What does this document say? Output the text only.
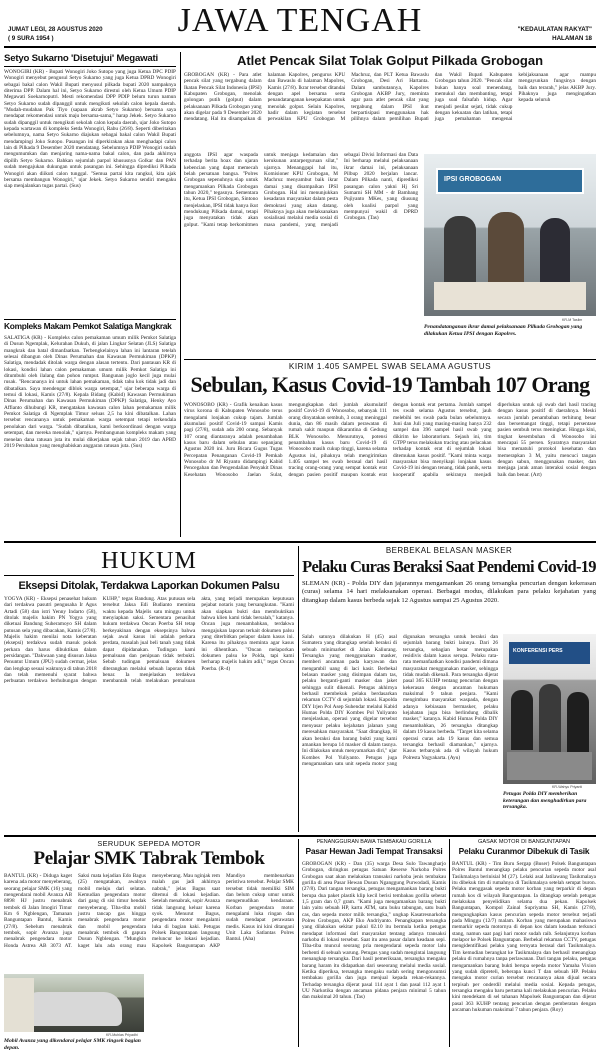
JAWA TENGAH
JUMAT LEGI, 28 AGUSTUS 2020
( 9 SURA 1954 )
"KEDAULATAN RAKYAT"
HALAMAN 18
Setyo Sukarno 'Disetujui' Megawati
WONOGIRI (KR) - Bupati Wonogiri Joko Sutopo yang juga Ketua DPC PDIP Wonogiri menyebut pengusul Setyo Sukarno yang juga Ketua DPRD Wonogiri sebagai bakal calon Wakil Bupati menyusul pilkada bupati 2020 nampaknya diterima DPP. Dalam hal ini, Setyo Sukarno direstui oleh Ketua Umum PDIP Megawati Soekarnoputri. Mesti rekomendasi DPP PDIP belum turun namun Setyo Sukarno sudah dipanggil untuk mengikuti sekolah calon kepala daerah. "Mudah-mudahan Pak Tiyo (sapaan akrab Setyo Sukarno) bersama saya mendapat rekomendasi untuk maju bersama-sama," harap Jekek. Setyo Sukarno sudah dipanggil untuk mengikuti sekolah calon kepala daerah, ujar Joko Sutopo kepada wartawan di kompleks Setda Wonogiri, Rabu (26/8). Seperti diberitakan sebelumnya, nama Setyo Sukarno diajukan sebagai bakal calon Wakil Bupati mendampingi Joko Sutopo. Pasangan ini diperkirakan akan menghadapi calon lain di Pilkada 9 Desember 2020 mendatang. Sebelumnya PDIP Wonogiri sudah mengumumkan dan menjaring nama-nama bakal calon, dan pada akhirnya dipilih Setyo Sukarno. Bahkan sejumlah parpol khususnya Golkar dan PAN sudah mengajukan dukungan untuk pasangan ini. Sehingga diprediksi Pilkada Wonogiri akan diikuti calon tunggal. "Semua partai kita rangkul, kita ajak bersama membangun Wonogiri," ujar Jekek. Setyo Sukarno sendiri mengaku siap menjalankan tugas partai. (Sus)
Kompleks Makam Pemkot Salatiga Mangkrak
SALATIGA (KR) - Kompleks calon pemakaman umum milik Pemkot Salatiga di Dusun Ngemplak, Kelurahan Dukuh, di jalan Lingkar Selatan (JLS) Salatiga mangkrak dan batal dimanfaatkan. Terbengkelainya lahan ini lantaran tetelah selesai dibangun oleh Dinas Perumahan dan Kawasan Permukiman (DPKP) Salatiga, mendadak ditolak warga dengan alasan tertentu. Dari pantauan KR di lokasi, kondisi lahan calon pemakaman umum milik Pemkot Salatiga ini ditumbuhi oleh ilalang dan pohon rumput. Bangunan joglo kecil juga mulai rusak. "Rencananya ini untuk lahan pemakaman, tidak tahu kok tidak jadi dan dibatalkan. Saya mendengar diblok warga setempat," ujar beberapa warga di temui di lokasi, Kamis (27/8). Kepala Bidang (Kabid) Kawasan Permukiman Dinas Perumahan dan Kawasan Permukiman (DPKP) Salatiga, Henky Ayo Affianto dihubungi KR, mengatakan kawasan calon lahan pemakaman milik Pemkot Salatiga di Ngemplak Timur seluas 2,5 ha kini dibatalkan. Lahan tersebut rencananya untuk pemakaman warga setempat tetapi terkendala penolakan dari warga. "Sudah dibatalkan, kami berkoordinasi dengan warga setempat, dan mereka menolak," ujarnya. Pembangunan kompleks makam yang menelan dana ratusan juta itu mulai dikerjakan sejak tahun 2019 dan APBD 2019 Perubahan yang menghabiskan anggaran ratusan juta. (Sus)
Atlet Pencak Silat Tolak Golput Pilkada Grobogan
GROBOGAN (KR) - Para atlet pencak silat yang tergabung dalam Ikatan Pencak Silat Indonesia (IPSI) Kabupaten Grobogan, menolak golongan putih (golput) dalam pelaksanaan Pilkada Grobogan yang akan digelar pada 9 Desember 2020 mendatang. Hal itu disampaikan di halaman Kapolres, pengurus KPU dan Bawaslu di halaman Mapolres, Kamis (27/8). Ikrar tersebut ditandai dengan apel bersama serta penandatanganan kesepakatan untuk menolak golput. Selain Kapolres, hadir dalam kegiatan tersebut perwakilan KPU Grobogan M Machruz, dan PLT Ketua Bawaslu Grobogan, Desi Ari Hartanta. Dalam sambutannya, Kapolres Grobogan AKBP Jury, meminta agar para atlet pencak silat yang tergabung dalam IPSI ikut berpartisipasi menggunakan hak pilihnya dalam pemilihan Bupati dan Wakil Bupati Kabupaten Grobogan tahun 2020. "Pencak silat bukan hanya soal menendang, memukul dan membanting, tetapi juga soal falsafah hidup. Agar menjadi pesilat sejati, tidak cukup dengan kekuatan dan latihan, tetapi juga pemahaman mengenai kebijaksanaan agar mampu mengayunkan fungsinya dengan baik dan terarah," jelas AKBP Jury. Pihaknya juga mengingatkan kepada seluruh
anggota IPSI agar waspada terhadap berita hoax dan ujaran kebencian yang dapat memecah belah persatuan bangsa. "Polres Grobogan sepenuhnya siap untuk mengamankan Pilkada Grobogan tahun 2020," tegasnya. Sementara itu, Ketua IPSI Grobogan, Sintono menjelaskan, IPSI tidak hanya ikut mendukung Pilkada damai, tetapi juga menyatakan tidak akan golput. "Kami tetap berkomitmen untuk menjaga kedamaian dan kerukunan antarperguruan silat," ujarnya. Menanggapi hal itu, Komisioner KPU Grobogan, M Machruz menyambut baik ikrar damai yang disampaikan IPSI Grobogan. Hal ini menunjukkan kesadaran masyarakat dalam pesta demokrasi yang akan datang. Pihaknya juga akan melaksanakan sosialisasi melalui media sosial di masa pandemi, yang menjadi sebagai Divisi Informasi dan Data Ini berharap melalui pelaksanaan ikrar damai ini, pelaksanaan Pilbup 2020 berjalan lancar. Dalam Pilkada nanti, diprediksi pasangan calon yakni Hj Sri Sumarni SH MM - dr Bambang Pujiyanto MKes, yang diusung oleh koalisi parpol yang mempunyai wakil di DPRD Grobogan. (Tas)
IPSI GROBOGAN
KR-M Taslim
Penandatanganan ikrar damai pelaksanaan Pilkada Grobogan yang dilakukan Ketua IPSI dengan Kapolres.
KIRIM 1.405 SAMPEL SWAB SELAMA AGUSTUS
Sebulan, Kasus Covid-19 Tambah 107 Orang
WONOSOBO (KR) - Grafik kenaikan kasus virus korona di Kabupaten Wonosobo terus mengalami lonjakan cukup tajam. Jumlah akumulasi positif Covid-19 sampai Kamis pagi (27/8), sudah ada 200 orang. Sebanyak 107 orang diantaranya adalah penambahan kasus baru dalam sebulan atau sepanjang Agustus 2020 ini. Juru Bicara Gugus Tugas Percepatan Penanganan Covid-19 Pemkab Wonosobo dr M Riyanto didampingi Kabid Pencegahan dan Pengendalian Penyakit Dinas Kesehatan Wonosobo Jaelan Sulat, mengungkapkan dari jumlah akumulatif positif Covid-19 di Wonosobo, sebanyak 111 orang dinyatakan sembuh, 3 orang meninggal dunia, dan 86 masih dalam perawatan di rumah sakit maupun dikarantina di Gedung BLK Wonosobo. Menurutnya, potensi penambahan kasus baru Covid-19 di Wonosobo masih cukup tinggi, karena selama Agustus ini, pihaknya telah mengirimkan 1.405 sampel tes swab berasal dari hasil tracing orang-orang yang sempat kontak erat dengan pasien positif maupun kontak erat dengan kontak erat pertama. Jumlah sampel tes swab selama Agustus tersebut, jauh melebihi tes swab pada bulan sebelumnya. Juni dan Juli yang masing-masing hanya 232 sampel dan 396 sampel hasil swab yang dikirim ke laboratorium. Sejauh ini, tim GTPP terus melakukan tracing atau pelacakan terhadap kontak erat di sejumlah lokasi ditemukan kasus positif. "Kami minta warga masyarakat bisa menyikapi lonjakan kasus Covid-19 ini dengan tenang, tidak panik, serta kooperatif apabila sekiranya menjadi diperlukan untuk uji swab dari hasil tracing dengan kasus positif di daerahnya. Meski secara jumlah penambahan terhitung besar dan bersemangat tinggi, tetapi persentase pasien sembuh terus meningkat. Hingga kini, tingkat kesembuhan di Wonosobo ini mencapai 55 persen. Syaratnya masyarakat bisa mematuhi protokol kesehatan dan memerapkan 3 M, yaitu mencuci tangan dengan sabun, menggunakan masker, dan menjaga jarak aman interaksi sosial dengan baik dan benar. (Art)
HUKUM
Eksepsi Ditolak, Terdakwa Laporkan Dokumen Palsu
YOGYA (KR) - Eksepsi penasehat hukum dari terdakwa pasutri pengusaha Ir Agus Artadi (58) dan istri Yenny Indarto (58), ditolak majelis hakim PN Yogya yang diketuai Bandung Suheramoyo SH dalam putusan sela yang dibacakan, Kamis (27/8). Majelis hakim menilai nota keberatan (eksepsi) terdakwa sudah masuk pokok perkara dan harus dibuktikan dalam persidangan. "Dakwaan yang disusun Jaksa Penuntut Umum (JPU) sudah cermat, jelas dan lengkap sesuai waktunya di tahun 2018 dan telah memenuhi syarat bahwa perbuatan terdakwa berhubungan dengan KUHP," tegas Bandung. Atas putusan sela tersebut Jaksa Edi Budianto meminta waktu kepada Majelis satu minggu untuk menyiapkan saksi. Sementara penasihat hukum terdakwa Oncan Poerba SH tetap berkeyakinan dengan eksepsinya bahwa sejak awal kasus ini adalah perkara perdata, masalah jual beli tanah yang tidak dapat dipidanakan. Tudingan kami pemalsuan dan penipuan tidak terbukti. Sebab tudingan pemalsuan dokumen diterangkan melalui sebuah laporan tidak benar. Ia menjelaskan terdakwa membantah telah melakukan pemalsuan akta, yang terjadi merupakan keputusan pejabat notaris yang bersangkutan. "Kami akan siapkan bukti dan membuktikan bahwa klien kami tidak bersalah," katanya. Oncan juga menambahkan, terdakwa mengajukan laporan terkait dokumen palsu yang diterbitkan pelapor dalam kasus ini. Karena itu pihaknya meminta agar kasus ini dihentikan. "Oncan melaporkan dokumen palsu ke Polda, tapi kami berharap majelis hakim adil," tegas Oncan Poerba. (R-4)
BERBEKAL BELASAN MASKER
Pelaku Curas Beraksi Saat Pendemi Covid-19
SLEMAN (KR) - Polda DIY dan jajarannya mengamankan 26 orang tersangka pencurian dengan kekerasan (curas) selama 14 hari melaksanakan operasi. Berbagai modus, dilakukan para pelaku kejahatan yang ditangkap dalam kasus berbeda sejak 12 Agustus sampai 25 Agustus 2020.
Salah satunya dilakukan H (45) asal Sumatera yang ditangkap setelah beraksi di sebuah minimarket di Jalan Kaliurang. Tersangka yang menggunakan masker, memberi ancaman pada karyawan dan mengambil uang di laci kasir. Berbekal belasan masker yang disimpan dalam tas, pelaku berganti-ganti masker dan jaket sehingga sulit dikenali. Petugas akhirnya berhasil membekuk pelaku berdasarkan rekaman CCTV di sejumlah lokasi. Kapolda DIY Irjen Pol Asep Suhendar melalui Kabid Humas Polda DIY Kombes Pol Yuliyanto menjelaskan, operasi yang digelar tersebut menyasar pelaku kejahatan jalanan yang meresahkan masyarakat. "Saat ditangkap, H akan beraksi dan barang bukti yang kami amankan berupa 14 masker di dalam tasnya. Ini dilakukan untuk menyamarkan diri," ujar Kombes Pol Yuliyanto. Petugas juga mengamankan satu unit sepeda motor yang digunakan tersangka untuk beraksi dan sejumlah barang bukti lainnya. Dari 26 tersangka, sebagian besar merupakan residivis dalam kasus serupa. Pelaku rata-rata memanfaatkan kondisi pandemi dimana masyarakat menggunakan masker, sehingga tidak mudah dikenali. Para tersangka dijerat pasal 365 KUHP tentang pencurian dengan kekerasan dengan ancaman hukuman maksimal 9 tahun penjara. "Kami mengimbau masyarakat waspada, dengan adanya kebiasaan bermasker, pelaku kejahatan juga bisa berlindung dibalik masker," katanya. Kabid Humas Polda DIY menambahkan, 26 tersangka ditangkap dalam 19 kasus berbeda. "Target kita selama operasi curas ada 19 kasus dan semua tersangka berhasil diamankan," ujarnya. Kasus terbanyak ada di wilayah hukum Polresta Yogyakarta. (Ayu)
KONFERENSI PERS
KR-Wahyu Priyanti
Petugas Polda DIY memberikan keterangan dan menghadirkan para tersangka.
SERUDUK SEPEDA MOTOR
Pelajar SMK Tabrak Tembok
BANTUL (KR) - Diduga kaget karena ada motor menyeberang, seorang pelajar SMK (16) yang mengendarai mobil Avanza AB 8898 HJ justru menabrak tembok di Jalan Imogiri Timur Km 6 Ngblengan, Tamanan Banguntapan Bantul, Kamis (27/8). Sebelum menabrak tembok, sopir Avanza juga menabrak pengendara motor Honda Astrea AB 3073 AT. Saksi mata kejadian Edo Bagus (25) mengatakan, awalnya mobil melaju dari selatan. Kemudian pengendara motor dari gang di sisi timur hendak menyeberang. Tiba-tiba mobil justru tancap gas hingga menabrak pengendara motor dan mobil pengendara menabrak tembok di gapura Dusun Ngblengan. "Mungkin kaget lalu ada orang mau menyeberang. Mau nginjak rem malah gas jadi akhirnya nabrak," jelas Bagus saat ditemui di lokasi kejadian. Setelah menabrak, sopir Avanza tidak langsung keluar karena syok. Menurut Bagus, pengendara motor mengalami luka di bagian kaki. Petugas Polsek Banguntapan langsung meluncur ke lokasi kejadian. Kapolsek Banguntapan AKP Mandiyo membenarkan peristiwa tersebut. Pelajar SMK tersebut tidak memiliki SIM dan belum cukup umur untuk mengemudikan kendaraan. Korban pengendara motor mengalami luka ringan dan sudah mendapat perawatan medis. Kasus ini kini ditangani Unit Laka Satlantas Polres Bantul. (Aha)
KR-Muhlas Priyadhi
Mobil Avanza yang dikendarai pelajar SMK ringsek bagian depan.
PENANGGURAN BAWA TEMBAKAU GORILLA
Pasar Hewan Jadi Tempat Transaksi
GROBOGAN (KR) - Dan (35) warga Desa Sulo Tawangharjo Grobogan, diringkus petugas Satuan Reserse Narkoba Polres Grobogan saat akan melakukan transaksi narkoba jenis tembakau gorilla di area Pasar Hewan Dusun Nganggung Purwodadi, Kamis (27/8). Dari tangan tersangka, petugas mengamankan barang bukti berupa dua paket plastik klip kecil berisi tembakau gorilla seberat 1,5 gram dan 0,7 gram. "Kami juga mengamankan barang bukti lain yaitu sebuah HP, kartu ATM, satu buku tabungan, satu buah cas, dan sepeda motor milik tersangka," ungkap Kasatresnarkoba Polres Grobogan, AKP Eko Andriyanto. Penangkapan tersangka yang dilakukan sekitar pukul 02.10 itu bermula ketika petugas mendapat informasi dari masyarakat tentang adanya transaksi narkoba di lokasi tersebut. Saat itu area pasar dalam keadaan sepi. Tiba-tiba muncul seorang pria mengendarai sepeda motor lalu berhenti di sebuah warung. Petugas yang sudah mengintai langsung menangkap tersangka. Dari hasil pemeriksaan, tersangka mengaku barang haram itu didapatkan dari seseorang melalui media sosial. Ketika diperiksa, tersangka mengaku sudah sering mengonsumsi tembakau gorilla dan juga menjual kepada rekan-rekannya. Terhadap tersangka dijerat pasal 114 ayat 1 dan pasal 112 ayat 1 UU Narkotika dengan ancaman pidana penjara minimal 5 tahun dan maksimal 20 tahun. (Tas)
GASAK MOTOR DI BANGUNTAPAN
Pelaku Curanmor Dibekuk di Tasik
BANTUL (KR) - Tim Buru Sergap (Buser) Polsek Banguntapan Polres Bantul menangkap pelaku pencurian sepeda motor asal Tasikmalaya berinisial M (27). Lelaki asal Jatilawang Tasikmalaya itu dibekuk tim di rumahnya di Tasikmalaya setelah sempat buron. Pelaku menggasak sepeda motor korban yang terparkir di depan rumah kos di wilayah Banguntapan. Ia ditangkap setelah petugas melakukan penyelidikan selama dua pekan. Kapolsek Banguntapan, Kompol Zainal Supriyatna SH, Kamis (27/8), mengungkapkan kasus pencurian sepeda motor tersebut terjadi pada Minggu (12/7) malam. Korban yang merupakan mahasiswa memarkir sepeda motornya di depan kos dalam keadaan terkunci stang, namun saat pagi hari motor sudah raib. Selanjutnya korban melapor ke Polsek Banguntapan. Berbekal rekaman CCTV, petugas mengidentifikasi pelaku yang ternyata berasal dari Tasikmalaya. Tim kemudian berangkat ke Tasikmalaya dan berhasil menangkap pelaku di rumahnya tanpa perlawanan. Dari tangan pelaku, petugas mengamankan barang bukti berupa sepeda motor Yamaha Vixion yang sudah dipreteli, beberapa kunci T dan sebuah HP. Pelaku mengaku motor curian tersebut rencananya akan dijual secara terpisah per onderdil melalui media sosial. Kepada petugas, tersangka mengaku baru pertama kali melakukan pencurian. Pelaku kini mendekam di sel tahanan Mapolsek Banguntapan dan dijerat pasal 363 KUHP tentang pencurian dengan pemberatan dengan ancaman hukuman maksimal 7 tahun penjara. (Roy)
